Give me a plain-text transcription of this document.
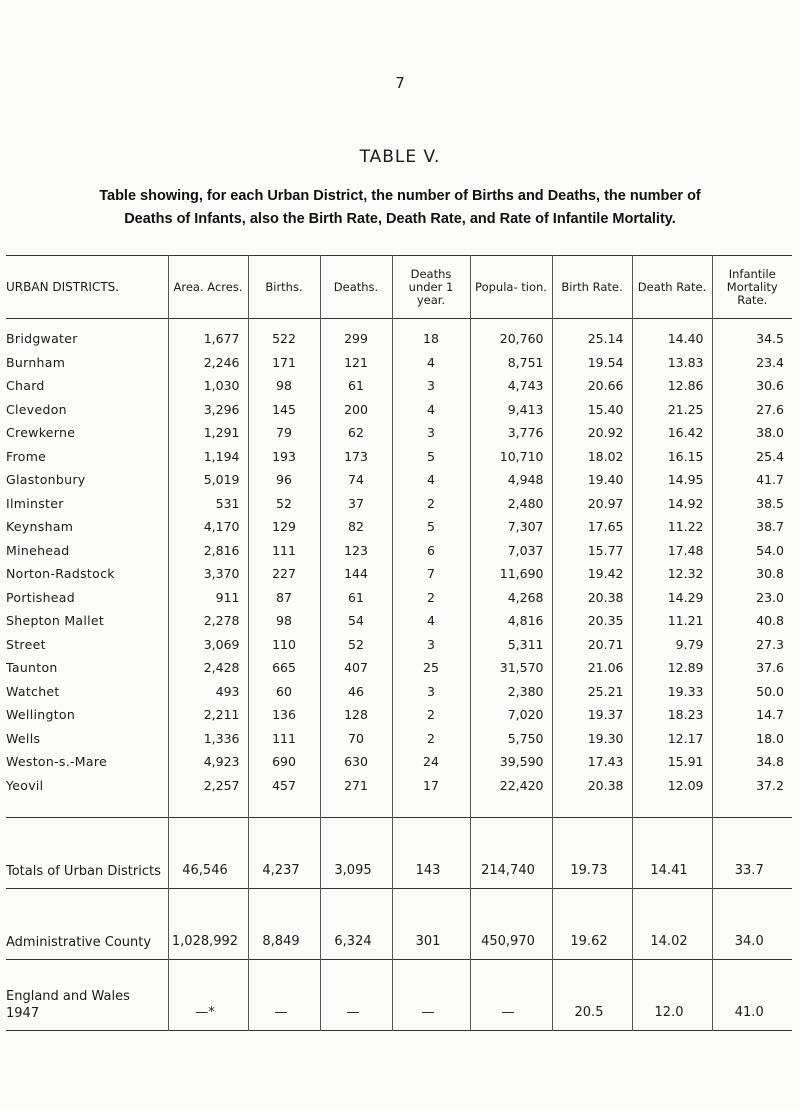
7
TABLE V.
Table showing, for each Urban District, the number of Births and Deaths, the number of
Deaths of Infants, also the Birth Rate, Death Rate, and Rate of Infantile Mortality.
URBAN DISTRICTS.	Area. Acres.	Births.	Deaths.	Deaths under 1 year.	Popula- tion.	Birth Rate.	Death Rate.	Infantile Mortality Rate.
Bridgwater	1,677	522	299	18	20,760	25.14	14.40	34.5
Burnham	2,246	171	121	4	8,751	19.54	13.83	23.4
Chard	1,030	98	61	3	4,743	20.66	12.86	30.6
Clevedon	3,296	145	200	4	9,413	15.40	21.25	27.6
Crewkerne	1,291	79	62	3	3,776	20.92	16.42	38.0
Frome	1,194	193	173	5	10,710	18.02	16.15	25.4
Glastonbury	5,019	96	74	4	4,948	19.40	14.95	41.7
Ilminster	531	52	37	2	2,480	20.97	14.92	38.5
Keynsham	4,170	129	82	5	7,307	17.65	11.22	38.7
Minehead	2,816	111	123	6	7,037	15.77	17.48	54.0
Norton-Radstock	3,370	227	144	7	11,690	19.42	12.32	30.8
Portishead	911	87	61	2	4,268	20.38	14.29	23.0
Shepton Mallet	2,278	98	54	4	4,816	20.35	11.21	40.8
Street	3,069	110	52	3	5,311	20.71	9.79	27.3
Taunton	2,428	665	407	25	31,570	21.06	12.89	37.6
Watchet	493	60	46	3	2,380	25.21	19.33	50.0
Wellington	2,211	136	128	2	7,020	19.37	18.23	14.7
Wells	1,336	111	70	2	5,750	19.30	12.17	18.0
Weston-s.-Mare	4,923	690	630	24	39,590	17.43	15.91	34.8
Yeovil	2,257	457	271	17	22,420	20.38	12.09	37.2
Totals of Urban Districts	46,546	4,237	3,095	143	214,740	19.73	14.41	33.7
Administrative County	1,028,992	8,849	6,324	301	450,970	19.62	14.02	34.0
England and Wales 1947	—*	—	—	—	—	20.5	12.0	41.0
